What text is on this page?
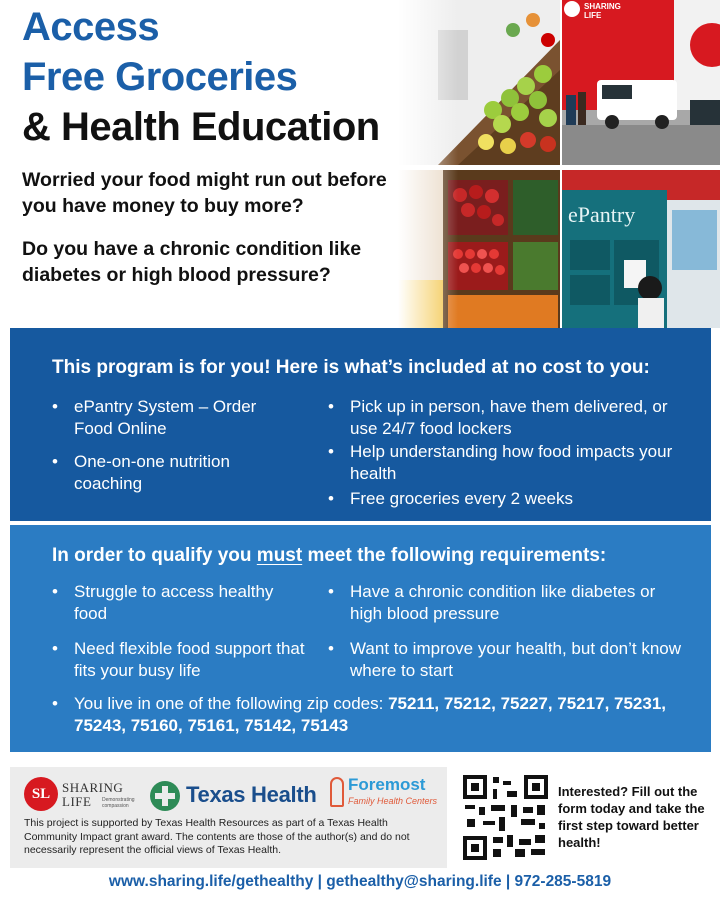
Access
Free Groceries
& Health Education

Worried your food might run out before you have money to buy more?

Do you have a chronic condition like diabetes or high blood pressure?

SHARING LIFE
ePantry
This program is for you! Here is what’s included at no cost to you:
• ePantry System – Order Food Online
• One-on-one nutrition coaching
• Pick up in person, have them delivered, or use 24/7 food lockers
• Help understanding how food impacts your health
• Free groceries every 2 weeks
In order to qualify you must meet the following requirements:
• Struggle to access healthy food
• Need flexible food support that fits your busy life
• Have a chronic condition like diabetes or high blood pressure
• Want to improve your health, but don’t know where to start
• You live in one of the following zip codes: 75211, 75212, 75227, 75217, 75231, 75243, 75160, 75161, 75142, 75143
SL SHARING LIFE	Demonstrating compassion	Texas Health Foremost
Family Health Centers

This project is supported by Texas Health Resources as part of a Texas Health Community Impact grant award. The contents are those of the author(s) and do not necessarily represent the official views of Texas Health.

Interested? Fill out the form today and take the first step toward better health!

www.sharing.life/gethealthy | gethealthy@sharing.life | 972-285-5819
